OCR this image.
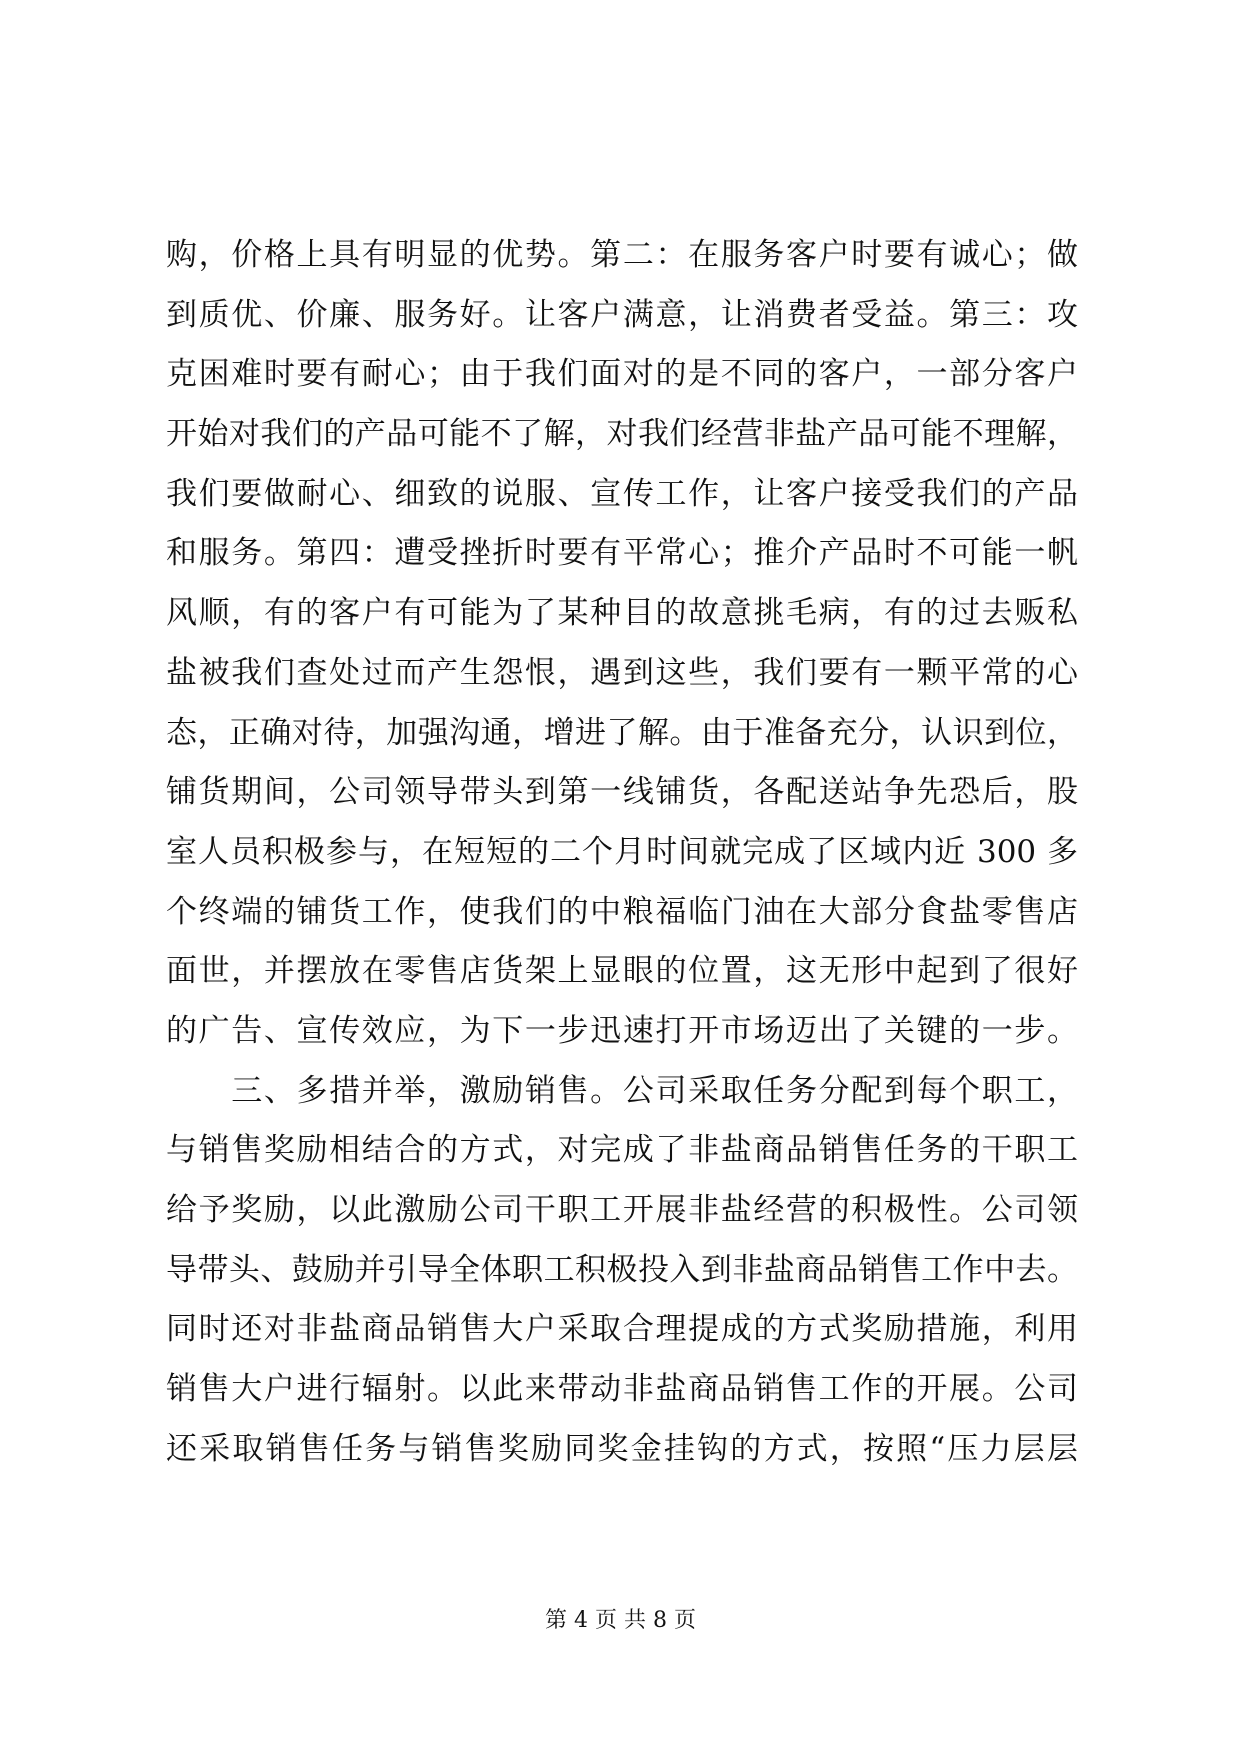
购，价格上具有明显的优势。第二：在服务客户时要有诚心；做
到质优、价廉、服务好。让客户满意，让消费者受益。第三：攻
克困难时要有耐心；由于我们面对的是不同的客户，一部分客户
开始对我们的产品可能不了解，对我们经营非盐产品可能不理解，
我们要做耐心、细致的说服、宣传工作，让客户接受我们的产品
和服务。第四：遭受挫折时要有平常心；推介产品时不可能一帆
风顺，有的客户有可能为了某种目的故意挑毛病，有的过去贩私
盐被我们查处过而产生怨恨，遇到这些，我们要有一颗平常的心
态，正确对待，加强沟通，增进了解。由于准备充分，认识到位，
铺货期间，公司领导带头到第一线铺货，各配送站争先恐后，股
室人员积极参与，在短短的二个月时间就完成了区域内近 300 多
个终端的铺货工作，使我们的中粮福临门油在大部分食盐零售店
面世，并摆放在零售店货架上显眼的位置，这无形中起到了很好
的广告、宣传效应，为下一步迅速打开市场迈出了关键的一步。
　　三、多措并举，激励销售。公司采取任务分配到每个职工，
与销售奖励相结合的方式，对完成了非盐商品销售任务的干职工
给予奖励，以此激励公司干职工开展非盐经营的积极性。公司领
导带头、鼓励并引导全体职工积极投入到非盐商品销售工作中去。
同时还对非盐商品销售大户采取合理提成的方式奖励措施，利用
销售大户进行辐射。以此来带动非盐商品销售工作的开展。公司
还采取销售任务与销售奖励同奖金挂钩的方式，按照“压力层层
第 4 页 共 8 页
